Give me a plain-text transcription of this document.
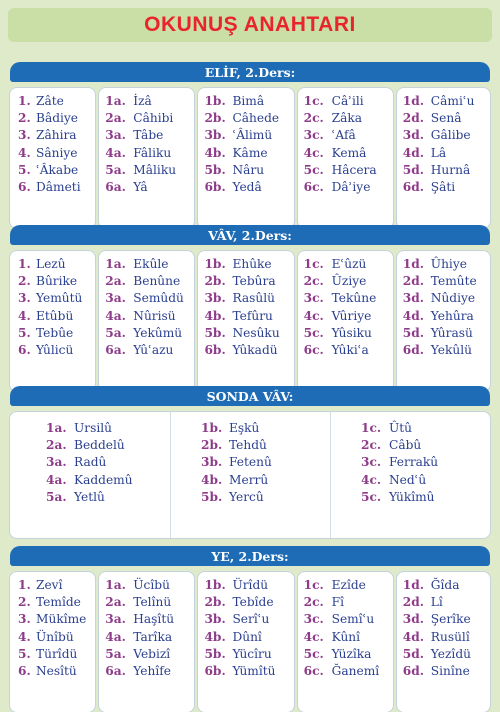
OKUNUŞ ANAHTARI
ELİF, 2.Ders:
1. Zâte
2. Bâdiye
3. Zâhira
4. Sâniye
5. ʿÂkabe
6. Dâmeti
1a. İzâ
2a. Câhibi
3a. Tâbe
4a. Fâliku
5a. Mâliku
6a. Yâ
1b. Bimâ
2b. Câhede
3b. ʿÂlimü
4b. Kâme
5b. Nâru
6b. Yedâ
1c. Câʾili
2c. Zâka
3c. ʿAfâ
4c. Kemâ
5c. Hâcera
6c. Dâʾiye
1d. Câmiʿu
2d. Senâ
3d. Gâlibe
4d. Lâ
5d. Hurnâ
6d. Şâti
VÂV, 2.Ders:
1. Lezû
2. Bûrike
3. Yemûtü
4. Etûbü
5. Tebûe
6. Yûlicü
1a. Ekûle
2a. Benûne
3a. Semûdü
4a. Nûrisü
5a. Yekûmü
6a. Yûʿazu
1b. Ehûke
2b. Tebûra
3b. Rasûlü
4b. Tefûru
5b. Nesûku
6b. Yûkadü
1c. Eʿûzü
2c. Ûziye
3c. Tekûne
4c. Vûriye
5c. Yûsiku
6c. Yûkiʿa
1d. Ûhiye
2d. Temûte
3d. Nûdiye
4d. Yehûra
5d. Yûrasü
6d. Yekûlü
SONDA VÂV:
1a. Ursilû
2a. Beddelû
3a. Radû
4a. Kaddemû
5a. Yetlû
1b. Eşkû
2b. Tehdû
3b. Fetenû
4b. Merrû
5b. Yercû
1c. Ûtû
2c. Câbû
3c. Ferrakû
4c. Nedʿû
5c. Yükîmû
YE, 2.Ders:
1. Zevî
2. Temîde
3. Mükîme
4. Ünîbü
5. Türîdü
6. Nesîtü
1a. Ücîbü
2a. Telînü
3a. Haşîtü
4a. Tarîka
5a. Vebizî
6a. Yehîfe
1b. Ürîdü
2b. Tebîde
3b. Serîʿu
4b. Dûnî
5b. Yücîru
6b. Yümîtü
1c. Ezîde
2c. Fî
3c. Semîʿu
4c. Kûnî
5c. Yüzîka
6c. Ğanemî
1d. Ğîda
2d. Lî
3d. Şerîke
4d. Rusülî
5d. Yezîdü
6d. Sinîne
